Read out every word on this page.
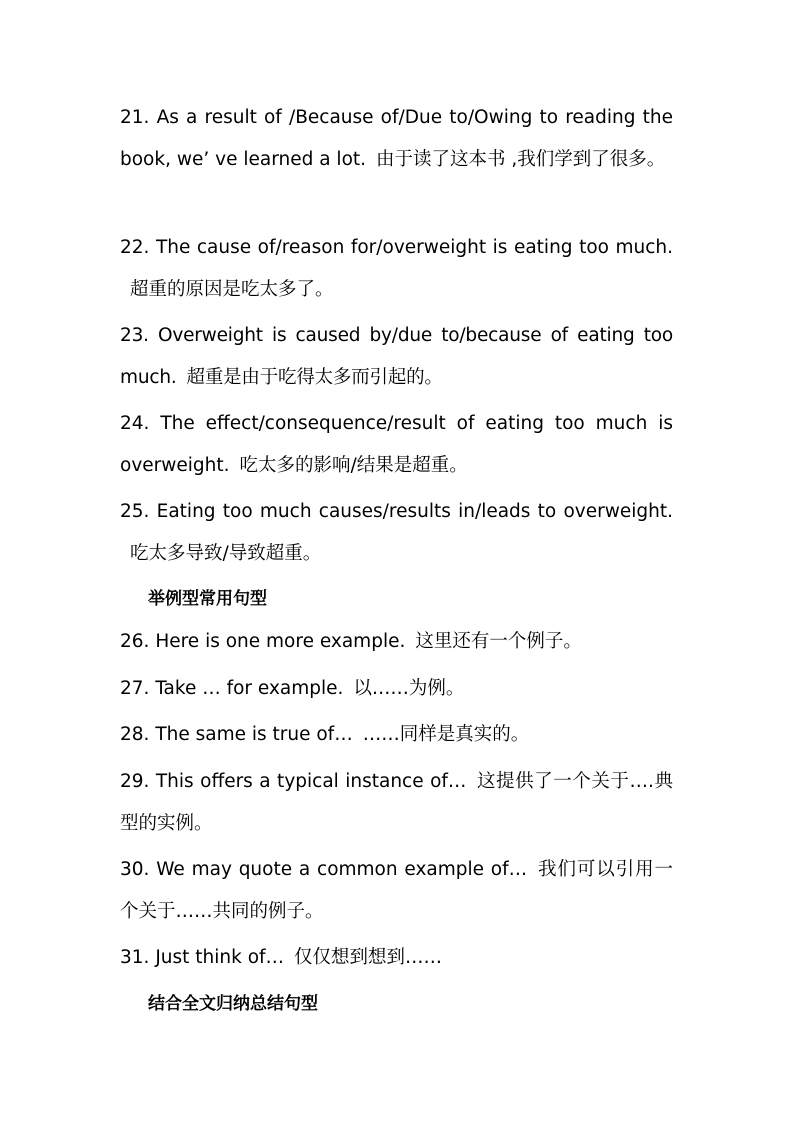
21. As a result of /Because of/Due to/Owing to reading the book, we’ ve learned a lot. 由于读了这本书 ,我们学到了很多。

22. The cause of/reason for/overweight is eating too much.超重的原因是吃太多了。

23. Overweight is caused by/due to/because of eating too much. 超重是由于吃得太多而引起的。

24. The effect/consequence/result of eating too much is overweight. 吃太多的影响/结果是超重。

25. Eating too much causes/results in/leads to overweight.吃太多导致/导致超重。

举例型常用句型

26. Here is one more example. 这里还有一个例子。

27. Take … for example. 以……为例。

28. The same is true of… ……同样是真实的。

29. This offers a typical instance of… 这提供了一个关于….典型的实例。

30. We may quote a common example of… 我们可以引用一个关于……共同的例子。

31. Just think of… 仅仅想到想到……

结合全文归纳总结句型
